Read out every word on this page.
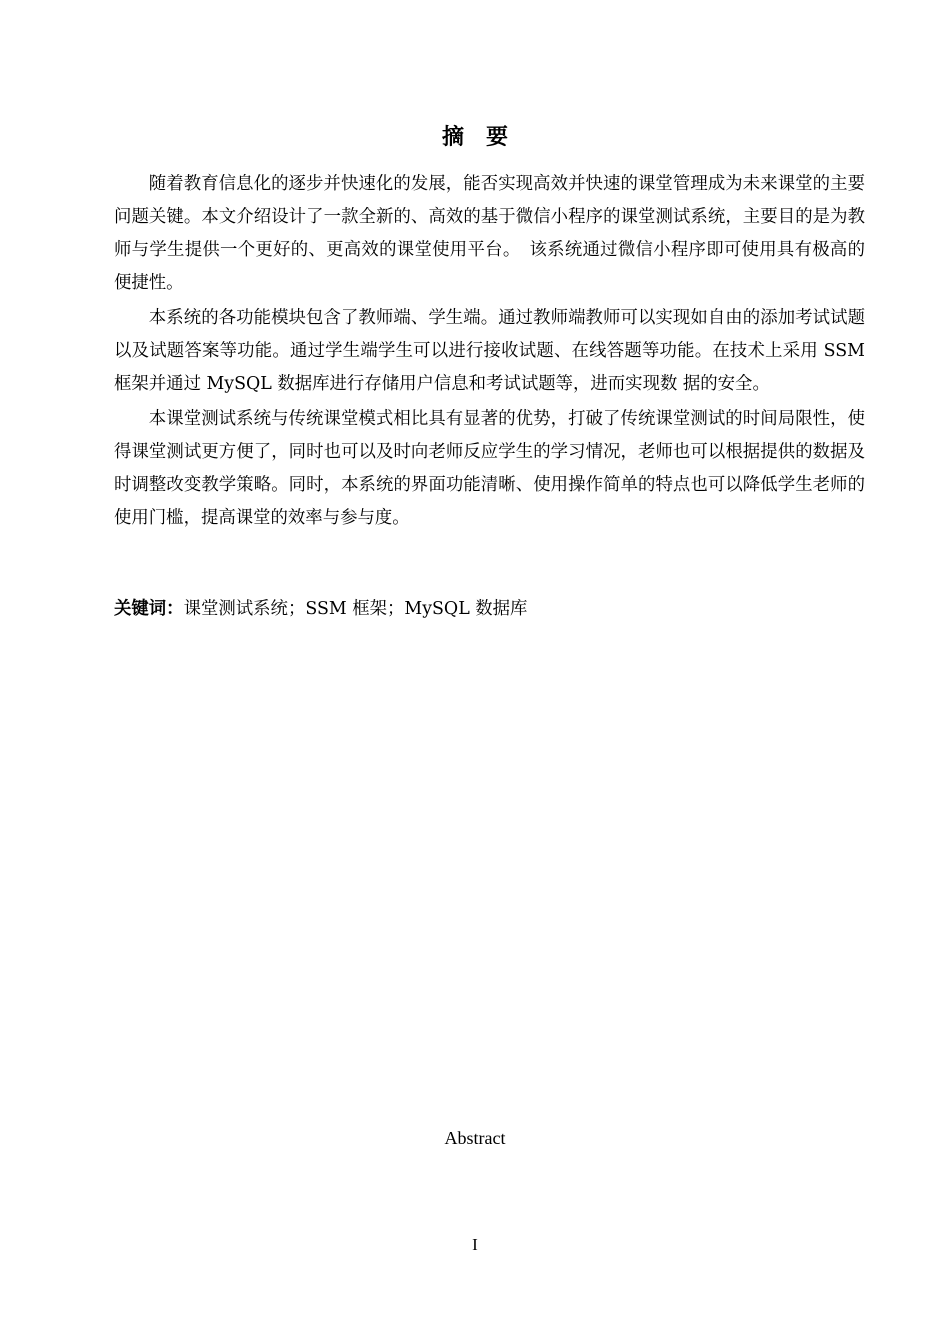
摘　要

随着教育信息化的逐步并快速化的发展，能否实现高效并快速的课堂管理成为未来课堂的主要问题关键。本文介绍设计了一款全新的、高效的基于微信小程序的课堂测试系统，主要目的是为教师与学生提供一个更好的、更高效的课堂使用平台。　该系统通过微信小程序即可使用具有极高的便捷性。

本系统的各功能模块包含了教师端、学生端。通过教师端教师可以实现如自由的添加考试试题以及试题答案等功能。通过学生端学生可以进行接收试题、在线答题等功能。在技术上采用 SSM 框架并通过 MySQL 数据库进行存储用户信息和考试试题等，进而实现数 据的安全。

本课堂测试系统与传统课堂模式相比具有显著的优势，打破了传统课堂测试的时间局限性，使得课堂测试更方便了，同时也可以及时向老师反应学生的学习情况，老师也可以根据提供的数据及时调整改变教学策略。同时，本系统的界面功能清晰、使用操作简单的特点也可以降低学生老师的使用门槛，提高课堂的效率与参与度。

关键词：课堂测试系统；SSM 框架；MySQL 数据库
Abstract
I
